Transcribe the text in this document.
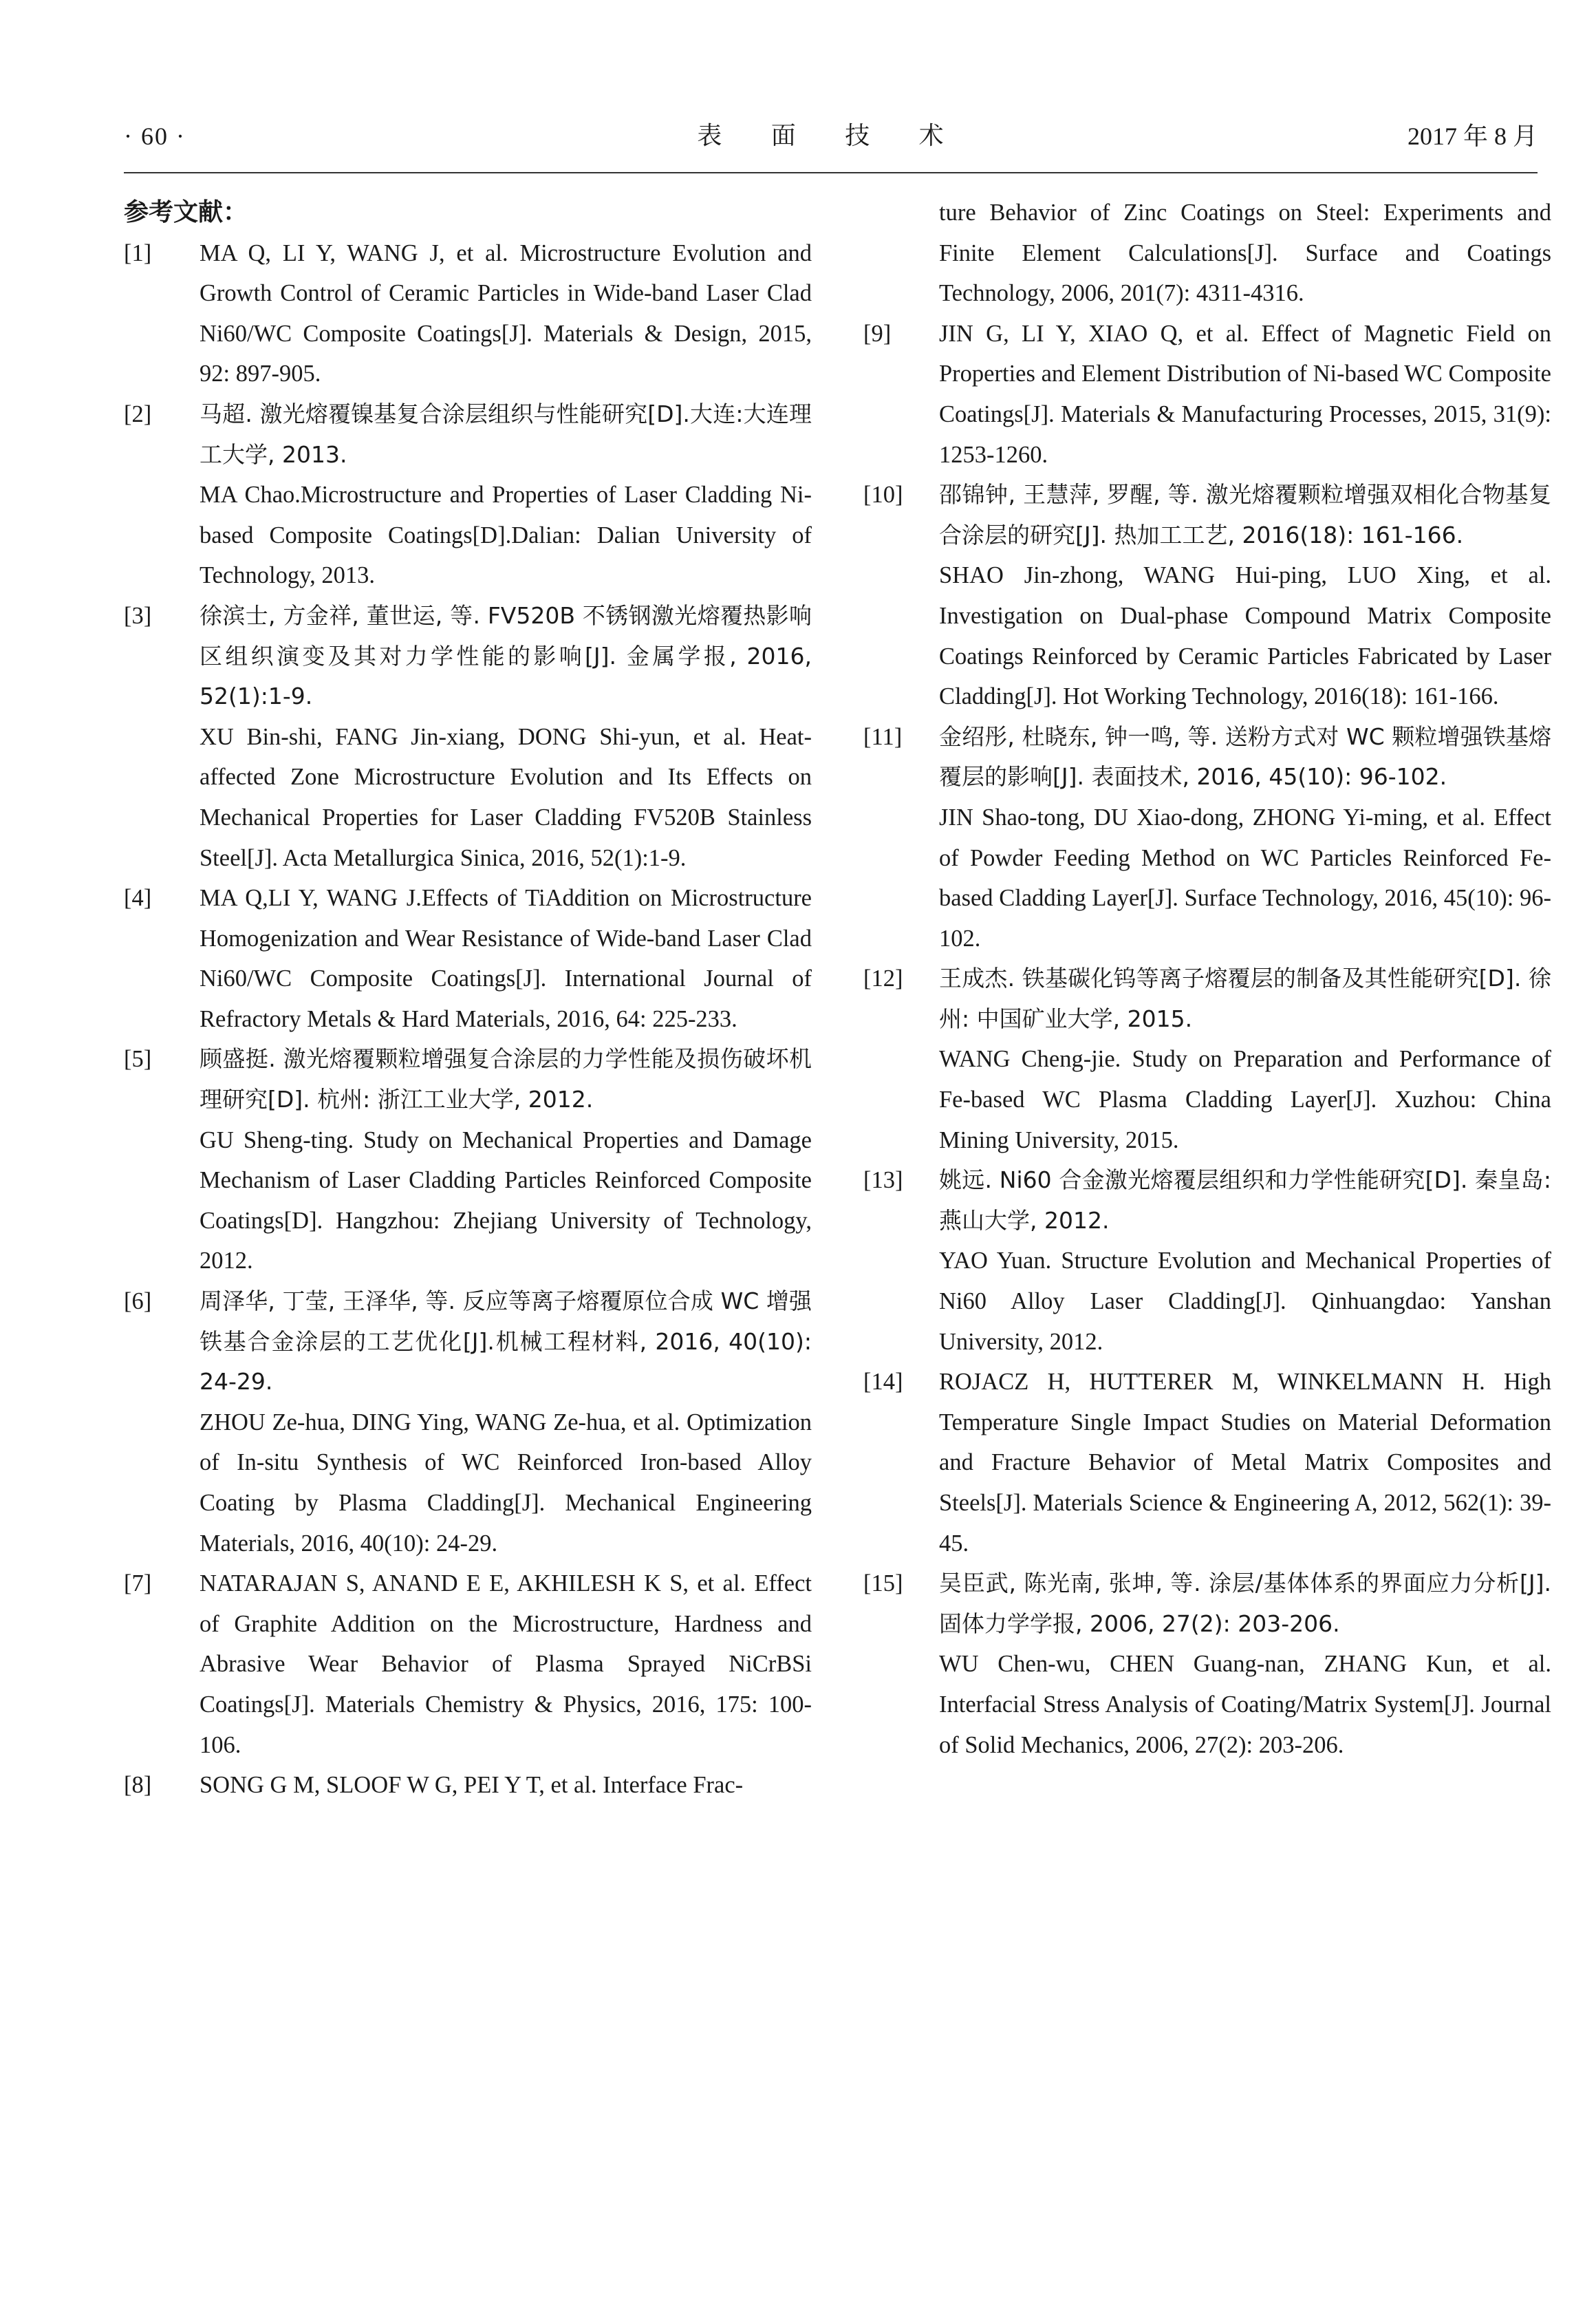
· 60 ·	表 面 技 术	2017 年 8 月
参考文献：
[1]	MA Q, LI Y, WANG J, et al. Microstructure Evolution and Growth Control of Ceramic Particles in Wide-band Laser Clad Ni60/WC Composite Coatings[J]. Materials & Design, 2015, 92: 897-905.

[2]	马超. 激光熔覆镍基复合涂层组织与性能研究[D].大连:大连理工大学, 2013.

MA Chao.Microstructure and Properties of Laser Cladding Ni-based Composite Coatings[D].Dalian: Dalian University of Technology, 2013.

[3]	徐滨士, 方金祥, 董世运, 等. FV520B 不锈钢激光熔覆热影响区组织演变及其对力学性能的影响[J]. 金属学报, 2016, 52(1):1-9.

XU Bin-shi, FANG Jin-xiang, DONG Shi-yun, et al. Heat-affected Zone Microstructure Evolution and Its Effects on Mechanical Properties for Laser Cladding FV520B Stainless Steel[J]. Acta Metallurgica Sinica, 2016, 52(1):1-9.

[4]	MA Q,LI Y, WANG J.Effects of TiAddition on Microstructure Homogenization and Wear Resistance of Wide-band Laser Clad Ni60/WC Composite Coatings[J]. International Journal of Refractory Metals & Hard Materials, 2016, 64: 225-233.

[5]	顾盛挺. 激光熔覆颗粒增强复合涂层的力学性能及损伤破坏机理研究[D]. 杭州: 浙江工业大学, 2012.

GU Sheng-ting. Study on Mechanical Properties and Damage Mechanism of Laser Cladding Particles Reinforced Composite Coatings[D]. Hangzhou: Zhejiang University of Technology, 2012.

[6]	周泽华, 丁莹, 王泽华, 等. 反应等离子熔覆原位合成 WC 增强铁基合金涂层的工艺优化[J].机械工程材料, 2016, 40(10): 24-29.

ZHOU Ze-hua, DING Ying, WANG Ze-hua, et al. Optimization of In-situ Synthesis of WC Reinforced Iron-based Alloy Coating by Plasma Cladding[J]. Mechanical Engineering Materials, 2016, 40(10): 24-29.

[7]	NATARAJAN S, ANAND E E, AKHILESH K S, et al. Effect of Graphite Addition on the Microstructure, Hardness and Abrasive Wear Behavior of Plasma Sprayed NiCrBSi Coatings[J]. Materials Chemistry & Physics, 2016, 175: 100-106.

[8]	SONG G M, SLOOF W G, PEI Y T, et al. Interface Frac-

ture Behavior of Zinc Coatings on Steel: Experiments and Finite Element Calculations[J]. Surface and Coatings Technology, 2006, 201(7): 4311-4316.

[9]	JIN G, LI Y, XIAO Q, et al. Effect of Magnetic Field on Properties and Element Distribution of Ni-based WC Composite Coatings[J]. Materials & Manufacturing Processes, 2015, 31(9): 1253-1260.

[10]	邵锦钟, 王慧萍, 罗醒, 等. 激光熔覆颗粒增强双相化合物基复合涂层的研究[J]. 热加工工艺, 2016(18): 161-166.

SHAO Jin-zhong, WANG Hui-ping, LUO Xing, et al. Investigation on Dual-phase Compound Matrix Composite Coatings Reinforced by Ceramic Particles Fabricated by Laser Cladding[J]. Hot Working Technology, 2016(18): 161-166.

[11]	金绍彤, 杜晓东, 钟一鸣, 等. 送粉方式对 WC 颗粒增强铁基熔覆层的影响[J]. 表面技术, 2016, 45(10): 96-102.

JIN Shao-tong, DU Xiao-dong, ZHONG Yi-ming, et al. Effect of Powder Feeding Method on WC Particles Reinforced Fe-based Cladding Layer[J]. Surface Technology, 2016, 45(10): 96-102.

[12]	王成杰. 铁基碳化钨等离子熔覆层的制备及其性能研究[D]. 徐州: 中国矿业大学, 2015.

WANG Cheng-jie. Study on Preparation and Performance of Fe-based WC Plasma Cladding Layer[J]. Xuzhou: China Mining University, 2015.

[13]	姚远. Ni60 合金激光熔覆层组织和力学性能研究[D]. 秦皇岛: 燕山大学, 2012.

YAO Yuan. Structure Evolution and Mechanical Properties of Ni60 Alloy Laser Cladding[J]. Qinhuangdao: Yanshan University, 2012.

[14]	ROJACZ H, HUTTERER M, WINKELMANN H. High Temperature Single Impact Studies on Material Deformation and Fracture Behavior of Metal Matrix Composites and Steels[J]. Materials Science & Engineering A, 2012, 562(1): 39-45.

[15]	吴臣武, 陈光南, 张坤, 等. 涂层/基体体系的界面应力分析[J]. 固体力学学报, 2006, 27(2): 203-206.

WU Chen-wu, CHEN Guang-nan, ZHANG Kun, et al. Interfacial Stress Analysis of Coating/Matrix System[J]. Journal of Solid Mechanics, 2006, 27(2): 203-206.
